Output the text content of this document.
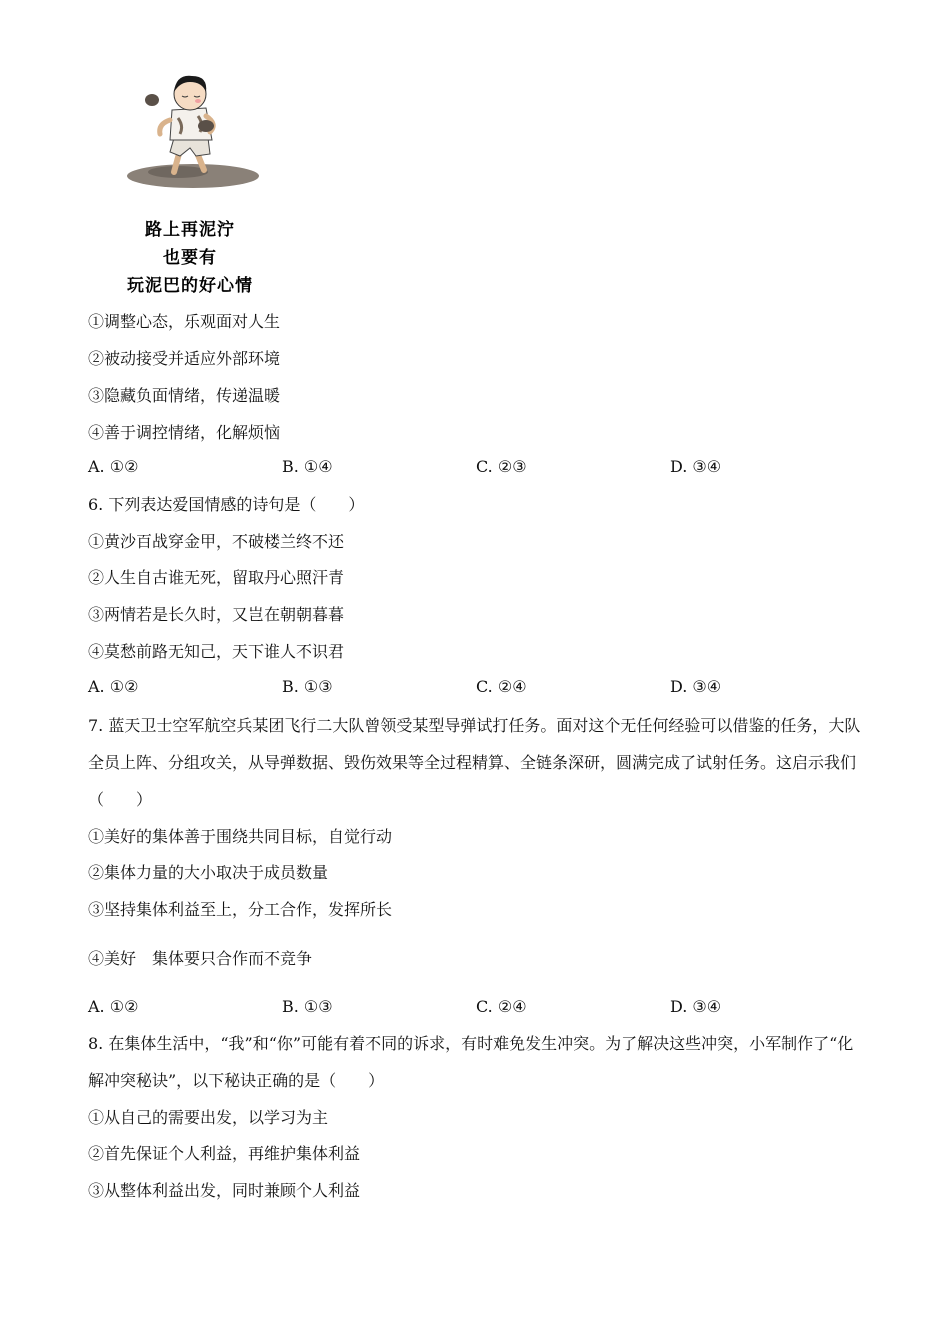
路上再泥泞
也要有
玩泥巴的好心情
①调整心态，乐观面对人生
②被动接受并适应外部环境
③隐藏负面情绪，传递温暖
④善于调控情绪，化解烦恼
A. ①②	B. ①④	C. ②③	D. ③④
6. 下列表达爱国情感的诗句是（　　）
①黄沙百战穿金甲，不破楼兰终不还
②人生自古谁无死，留取丹心照汗青
③两情若是长久时，又岂在朝朝暮暮
④莫愁前路无知己，天下谁人不识君
A. ①②	B. ①③	C. ②④	D. ③④
7. 蓝天卫士空军航空兵某团飞行二大队曾领受某型导弹试打任务。面对这个无任何经验可以借鉴的任务，大队全员上阵、分组攻关，从导弹数据、毁伤效果等全过程精算、全链条深研，圆满完成了试射任务。这启示我们（　　）
①美好的集体善于围绕共同目标，自觉行动
②集体力量的大小取决于成员数量
③坚持集体利益至上，分工合作，发挥所长
④美好　集体要只合作而不竞争
A. ①②	B. ①③	C. ②④	D. ③④
8. 在集体生活中，“我”和“你”可能有着不同的诉求，有时难免发生冲突。为了解决这些冲突，小军制作了“化解冲突秘诀”，以下秘诀正确的是（　　）
①从自己的需要出发，以学习为主
②首先保证个人利益，再维护集体利益
③从整体利益出发，同时兼顾个人利益
